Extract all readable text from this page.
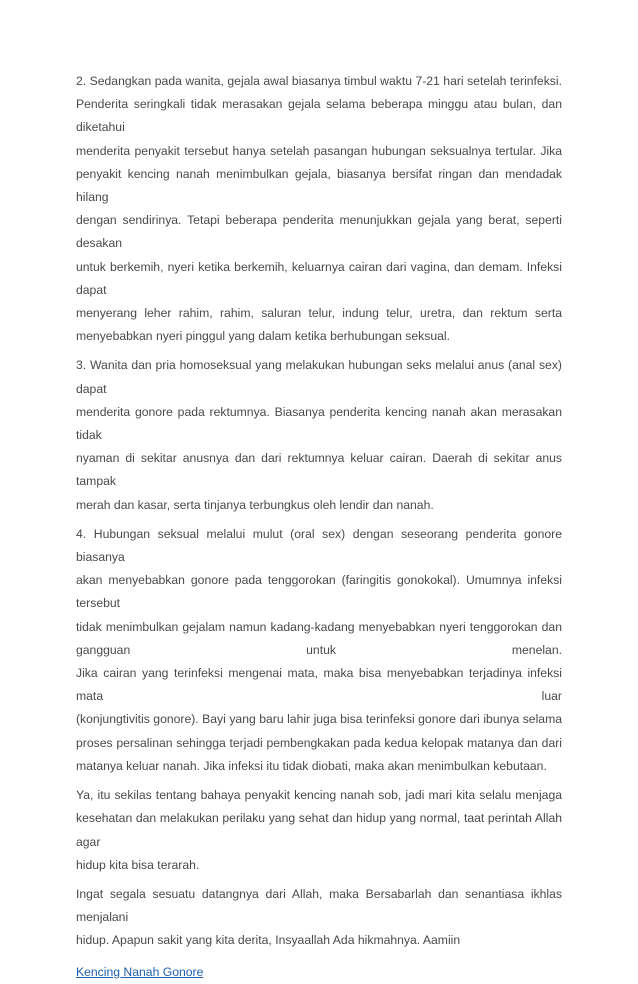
2. Sedangkan pada wanita, gejala awal biasanya timbul waktu 7-21 hari setelah terinfeksi.
Penderita seringkali tidak merasakan gejala selama beberapa minggu atau bulan, dan diketahui
menderita penyakit tersebut hanya setelah pasangan hubungan seksualnya tertular. Jika
penyakit kencing nanah menimbulkan gejala, biasanya bersifat ringan dan mendadak hilang
dengan sendirinya. Tetapi beberapa penderita menunjukkan gejala yang berat, seperti desakan
untuk berkemih, nyeri ketika berkemih, keluarnya cairan dari vagina, dan demam. Infeksi dapat
menyerang leher rahim, rahim, saluran telur, indung telur, uretra, dan rektum serta
menyebabkan nyeri pinggul yang dalam ketika berhubungan seksual.
3. Wanita dan pria homoseksual yang melakukan hubungan seks melalui anus (anal sex) dapat
menderita gonore pada rektumnya. Biasanya penderita kencing nanah akan merasakan tidak
nyaman di sekitar anusnya dan dari rektumnya keluar cairan. Daerah di sekitar anus tampak
merah dan kasar, serta tinjanya terbungkus oleh lendir dan nanah.
4. Hubungan seksual melalui mulut (oral sex) dengan seseorang penderita gonore biasanya
akan menyebabkan gonore pada tenggorokan (faringitis gonokokal). Umumnya infeksi tersebut
tidak menimbulkan gejalam namun kadang-kadang menyebabkan nyeri tenggorokan dan
gangguan untuk menelan.
Jika cairan yang terinfeksi mengenai mata, maka bisa menyebabkan terjadinya infeksi mata luar
(konjungtivitis gonore). Bayi yang baru lahir juga bisa terinfeksi gonore dari ibunya selama
proses persalinan sehingga terjadi pembengkakan pada kedua kelopak matanya dan dari
matanya keluar nanah. Jika infeksi itu tidak diobati, maka akan menimbulkan kebutaan.
Ya, itu sekilas tentang bahaya penyakit kencing nanah sob, jadi mari kita selalu menjaga
kesehatan dan melakukan perilaku yang sehat dan hidup yang normal, taat perintah Allah agar
hidup kita bisa terarah.
Ingat segala sesuatu datangnya dari Allah, maka Bersabarlah dan senantiasa ikhlas menjalani
hidup. Apapun sakit yang kita derita, Insyaallah Ada hikmahnya. Aamiin
Kencing Nanah Gonore
